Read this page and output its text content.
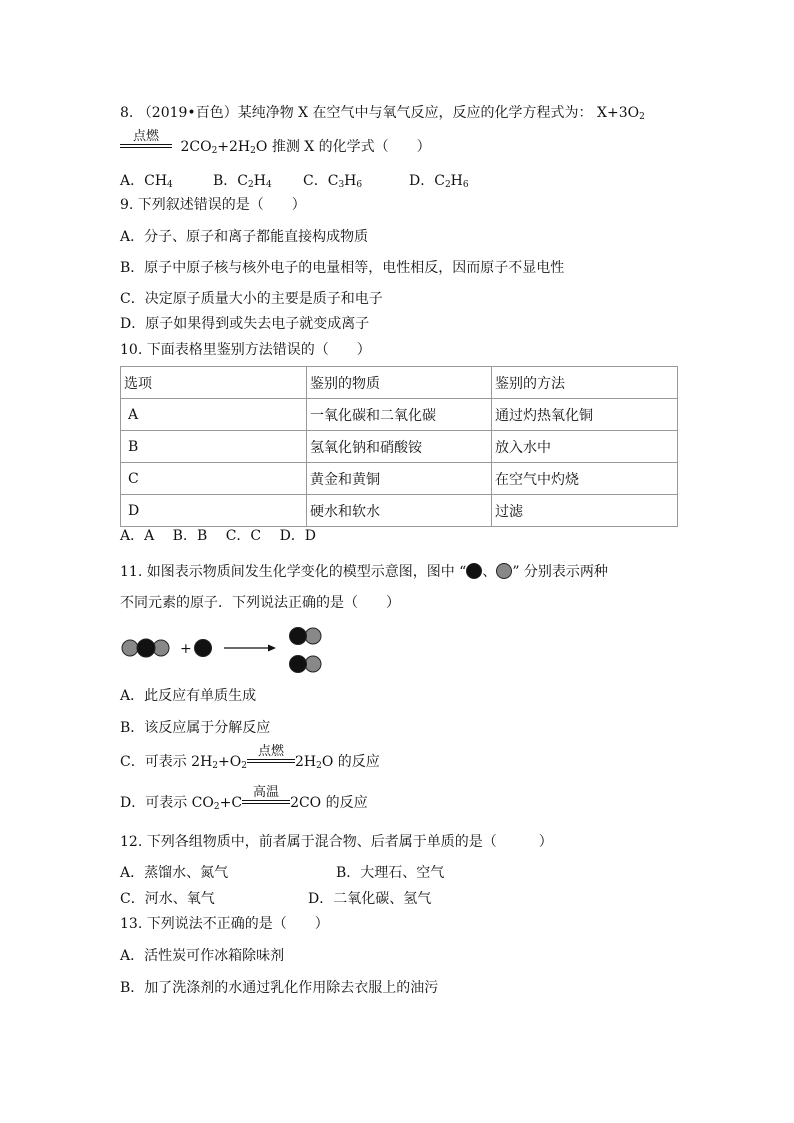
8. （2019•百色）某纯净物 X 在空气中与氧气反应，反应的化学方程式为： $X+3O_2$
点燃
$2CO_2+2H_2O$ 推测 X 的化学式（　　）
A．$CH_4$	B．$C_2H_4$ C．$C_3H_6$	D．$C_2H_6$
9. 下列叙述错误的是（　　）
A．分子、原子和离子都能直接构成物质
B．原子中原子核与核外电子的电量相等，电性相反，因而原子不显电性
C．决定原子质量大小的主要是质子和电子
D．原子如果得到或失去电子就变成离子
10. 下面表格里鉴别方法错误的（　　）
选项	鉴别的物质	鉴别的方法
A	一氧化碳和二氧化碳	通过灼热氧化铜
B	氢氧化钠和硝酸铵	放入水中
C	黄金和黄铜	在空气中灼烧
D	硬水和软水	过滤
A．A　 B．B　 C．C　 D．D
11. 如图表示物质间发生化学变化的模型示意图，图中 “ 、 ” 分别表示两种
不同元素的原子．下列说法正确的是（　　）
+
A．此反应有单质生成
B．该反应属于分解反应
C．可表示 $2H_2+O_2$
点燃
$2H_2O$ 的反应
D．可表示 $CO_2+C$
高温
2CO 的反应
12. 下列各组物质中，前者属于混合物、后者属于单质的是（　　　）
A．蒸馏水、氮气	B．大理石、空气
C．河水、氧气	D．二氧化碳、氢气
13. 下列说法不正确的是（　　）
A．活性炭可作冰箱除味剂
B．加了洗涤剂的水通过乳化作用除去衣服上的油污
